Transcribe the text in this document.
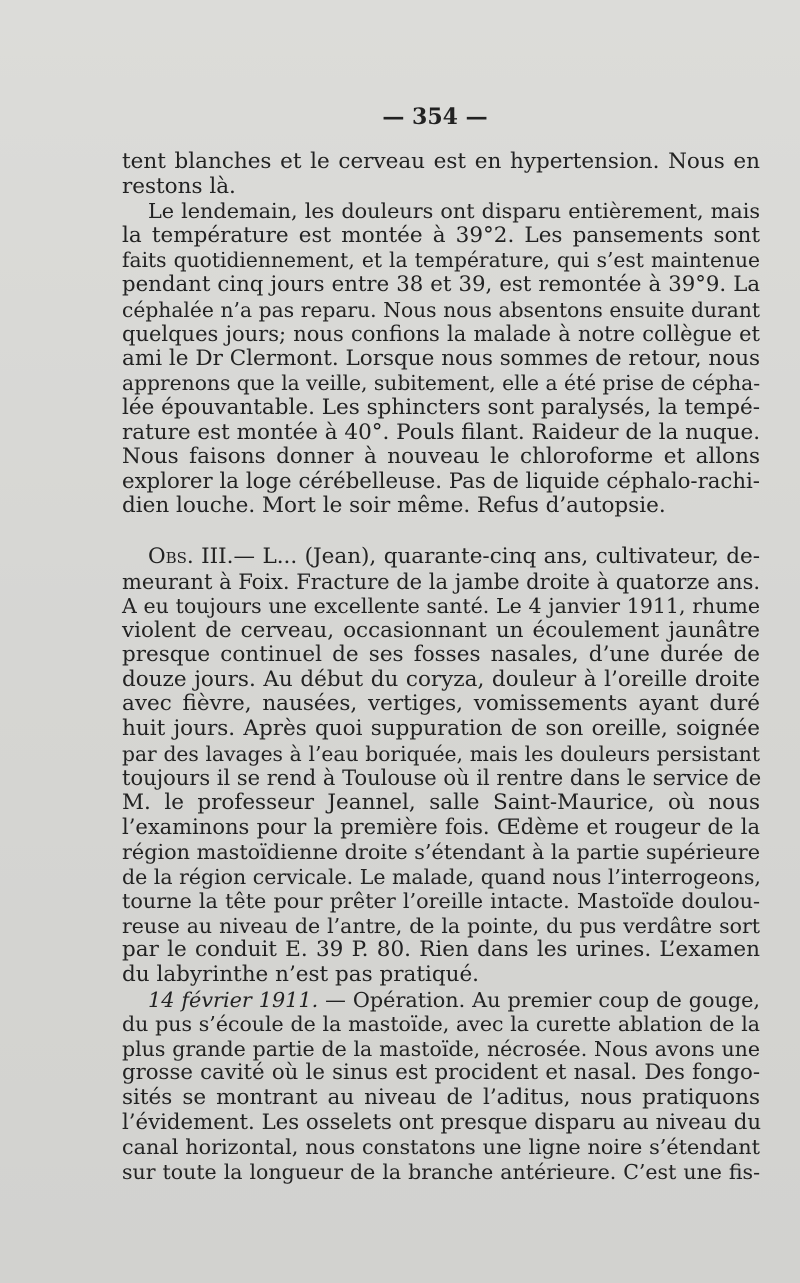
— 354 —
tent blanches et le cerveau est en hypertension. Nous en
restons là.
Le lendemain, les douleurs ont disparu entièrement, mais
la température est montée à 39°2. Les pansements sont
faits quotidiennement, et la température, qui s’est maintenue
pendant cinq jours entre 38 et 39, est remontée à 39°9. La
céphalée n’a pas reparu. Nous nous absentons ensuite durant
quelques jours; nous confions la malade à notre collègue et
ami le Dr Clermont. Lorsque nous sommes de retour, nous
apprenons que la veille, subitement, elle a été prise de cépha-
lée épouvantable. Les sphincters sont paralysés, la tempé-
rature est montée à 40°. Pouls filant. Raideur de la nuque.
Nous faisons donner à nouveau le chloroforme et allons
explorer la loge cérébelleuse. Pas de liquide céphalo-rachi-
dien louche. Mort le soir même. Refus d’autopsie.
Obs. III.— L... (Jean), quarante-cinq ans, cultivateur, de-
meurant à Foix. Fracture de la jambe droite à quatorze ans.
A eu toujours une excellente santé. Le 4 janvier 1911, rhume
violent de cerveau, occasionnant un écoulement jaunâtre
presque continuel de ses fosses nasales, d’une durée de
douze jours. Au début du coryza, douleur à l’oreille droite
avec fièvre, nausées, vertiges, vomissements ayant duré
huit jours. Après quoi suppuration de son oreille, soignée
par des lavages à l’eau boriquée, mais les douleurs persistant
toujours il se rend à Toulouse où il rentre dans le service de
M. le professeur Jeannel, salle Saint-Maurice, où nous
l’examinons pour la première fois. Œdème et rougeur de la
région mastoïdienne droite s’étendant à la partie supérieure
de la région cervicale. Le malade, quand nous l’interrogeons,
tourne la tête pour prêter l’oreille intacte. Mastoïde doulou-
reuse au niveau de l’antre, de la pointe, du pus verdâtre sort
par le conduit E. 39 P. 80. Rien dans les urines. L’examen
du labyrinthe n’est pas pratiqué.
14 février 1911. — Opération. Au premier coup de gouge,
du pus s’écoule de la mastoïde, avec la curette ablation de la
plus grande partie de la mastoïde, nécrosée. Nous avons une
grosse cavité où le sinus est procident et nasal. Des fongo-
sités se montrant au niveau de l’aditus, nous pratiquons
l’évidement. Les osselets ont presque disparu au niveau du
canal horizontal, nous constatons une ligne noire s’étendant
sur toute la longueur de la branche antérieure. C’est une fis-
